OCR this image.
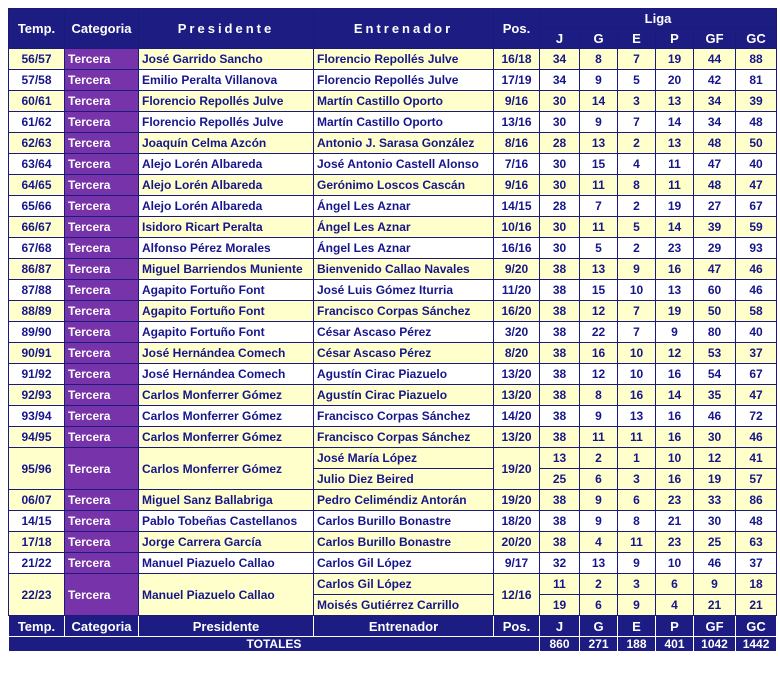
Temp.	Categoria	Presidente	Entrenador	Pos.	Liga					
					J	G	E	P	GF	GC
56/57	Tercera	José Garrido Sancho	Florencio Repollés Julve	16/18	34	8	7	19	44	88
57/58	Tercera	Emilio Peralta Villanova	Florencio Repollés Julve	17/19	34	9	5	20	42	81
60/61	Tercera	Florencio Repollés Julve	Martín Castillo Oporto	9/16	30	14	3	13	34	39
61/62	Tercera	Florencio Repollés Julve	Martín Castillo Oporto	13/16	30	9	7	14	34	48
62/63	Tercera	Joaquín Celma Azcón	Antonio J. Sarasa González	8/16	28	13	2	13	48	50
63/64	Tercera	Alejo Lorén Albareda	José Antonio Castell Alonso	7/16	30	15	4	11	47	40
64/65	Tercera	Alejo Lorén Albareda	Gerónimo Loscos Cascán	9/16	30	11	8	11	48	47
65/66	Tercera	Alejo Lorén Albareda	Ángel Les Aznar	14/15	28	7	2	19	27	67
66/67	Tercera	Isidoro Ricart Peralta	Ángel Les Aznar	10/16	30	11	5	14	39	59
67/68	Tercera	Alfonso Pérez Morales	Ángel Les Aznar	16/16	30	5	2	23	29	93
86/87	Tercera	Miguel Barriendos Muniente	Bienvenido Callao Navales	9/20	38	13	9	16	47	46
87/88	Tercera	Agapito Fortuño Font	José Luis Gómez Iturria	11/20	38	15	10	13	60	46
88/89	Tercera	Agapito Fortuño Font	Francisco Corpas Sánchez	16/20	38	12	7	19	50	58
89/90	Tercera	Agapito Fortuño Font	César Ascaso Pérez	3/20	38	22	7	9	80	40
90/91	Tercera	José Hernándea Comech	César Ascaso Pérez	8/20	38	16	10	12	53	37
91/92	Tercera	José Hernándea Comech	Agustín Cirac Piazuelo	13/20	38	12	10	16	54	67
92/93	Tercera	Carlos Monferrer Gómez	Agustín Cirac Piazuelo	13/20	38	8	16	14	35	47
93/94	Tercera	Carlos Monferrer Gómez	Francisco Corpas Sánchez	14/20	38	9	13	16	46	72
94/95	Tercera	Carlos Monferrer Gómez	Francisco Corpas Sánchez	13/20	38	11	11	16	30	46
95/96	Tercera	Carlos Monferrer Gómez	José María López	19/20	13	2	1	10	12	41
			Julio Diez Beired		25	6	3	16	19	57
06/07	Tercera	Miguel Sanz Ballabriga	Pedro Celiméndiz Antorán	19/20	38	9	6	23	33	86
14/15	Tercera	Pablo Tobeñas Castellanos	Carlos Burillo Bonastre	18/20	38	9	8	21	30	48
17/18	Tercera	Jorge Carrera García	Carlos Burillo Bonastre	20/20	38	4	11	23	25	63
21/22	Tercera	Manuel Piazuelo Callao	Carlos Gil López	9/17	32	13	9	10	46	37
22/23	Tercera	Manuel Piazuelo Callao	Carlos Gil López	12/16	11	2	3	6	9	18
			Moisés Gutiérrez Carrillo		19	6	9	4	21	21
Temp.	Categoria	Presidente	Entrenador	Pos.	J	G	E	P	GF	GC
TOTALES					860	271	188	401	1042	1442
